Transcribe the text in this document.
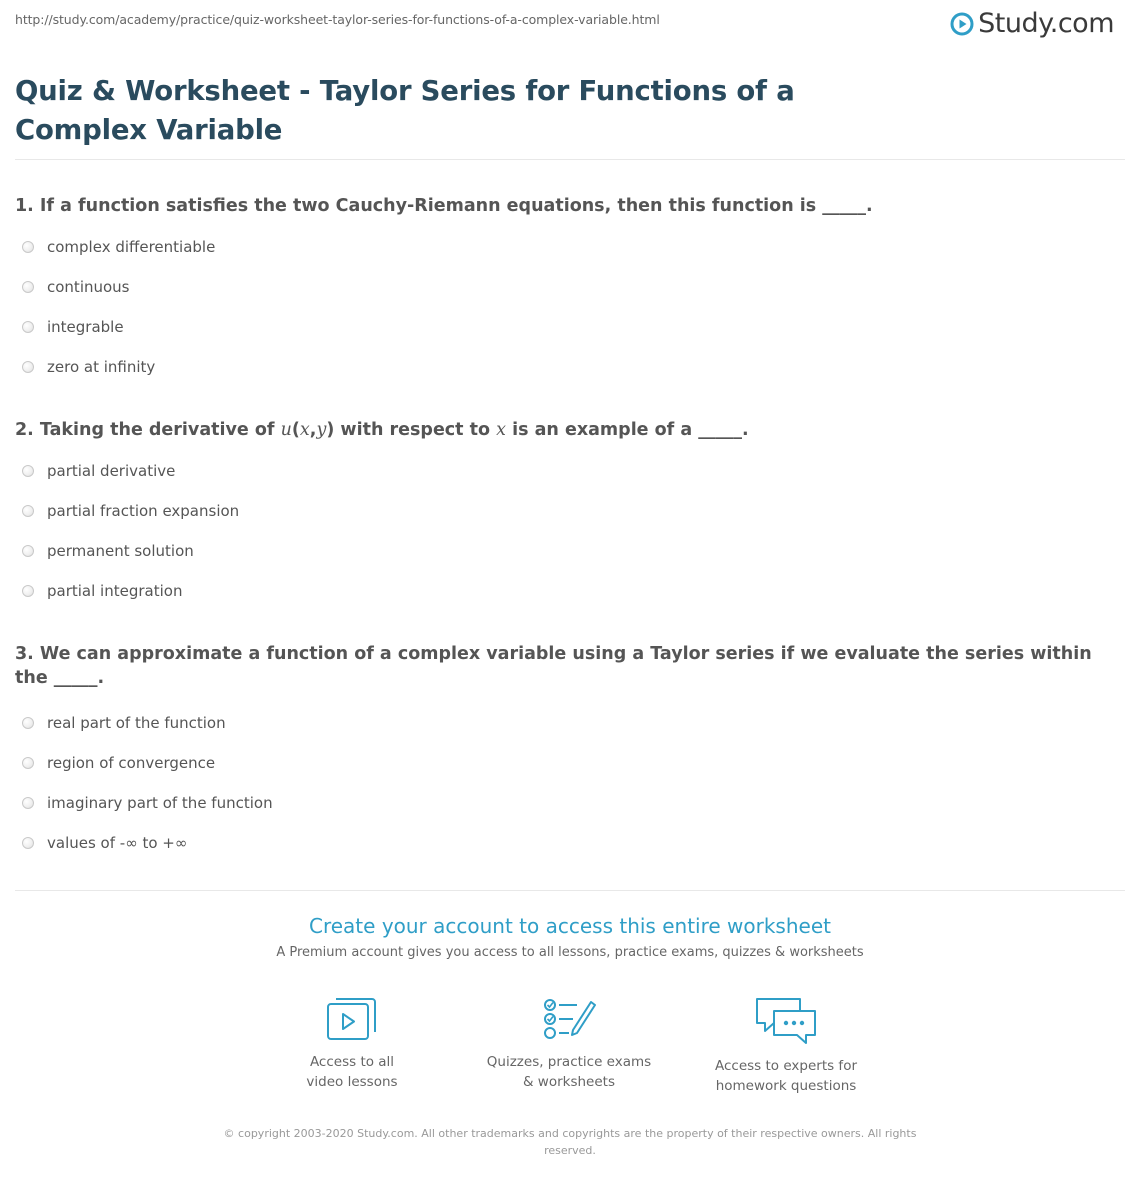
http://study.com/academy/practice/quiz-worksheet-taylor-series-for-functions-of-a-complex-variable.html	Study.com
Quiz & Worksheet - Taylor Series for Functions of a Complex Variable
1. If a function satisfies the two Cauchy-Riemann equations, then this function is _____.
complex differentiable
continuous
integrable
zero at infinity
2. Taking the derivative of u(x,y) with respect to x is an example of a _____.
partial derivative
partial fraction expansion
permanent solution
partial integration
3. We can approximate a function of a complex variable using a Taylor series if we evaluate the series within the _____.
real part of the function
region of convergence
imaginary part of the function
values of -∞ to +∞
Create your account to access this entire worksheet
A Premium account gives you access to all lessons, practice exams, quizzes & worksheets
Access to all
video lessons
Quizzes, practice exams
& worksheets
Access to experts for
homework questions
© copyright 2003-2020 Study.com. All other trademarks and copyrights are the property of their respective owners. All rights reserved.
